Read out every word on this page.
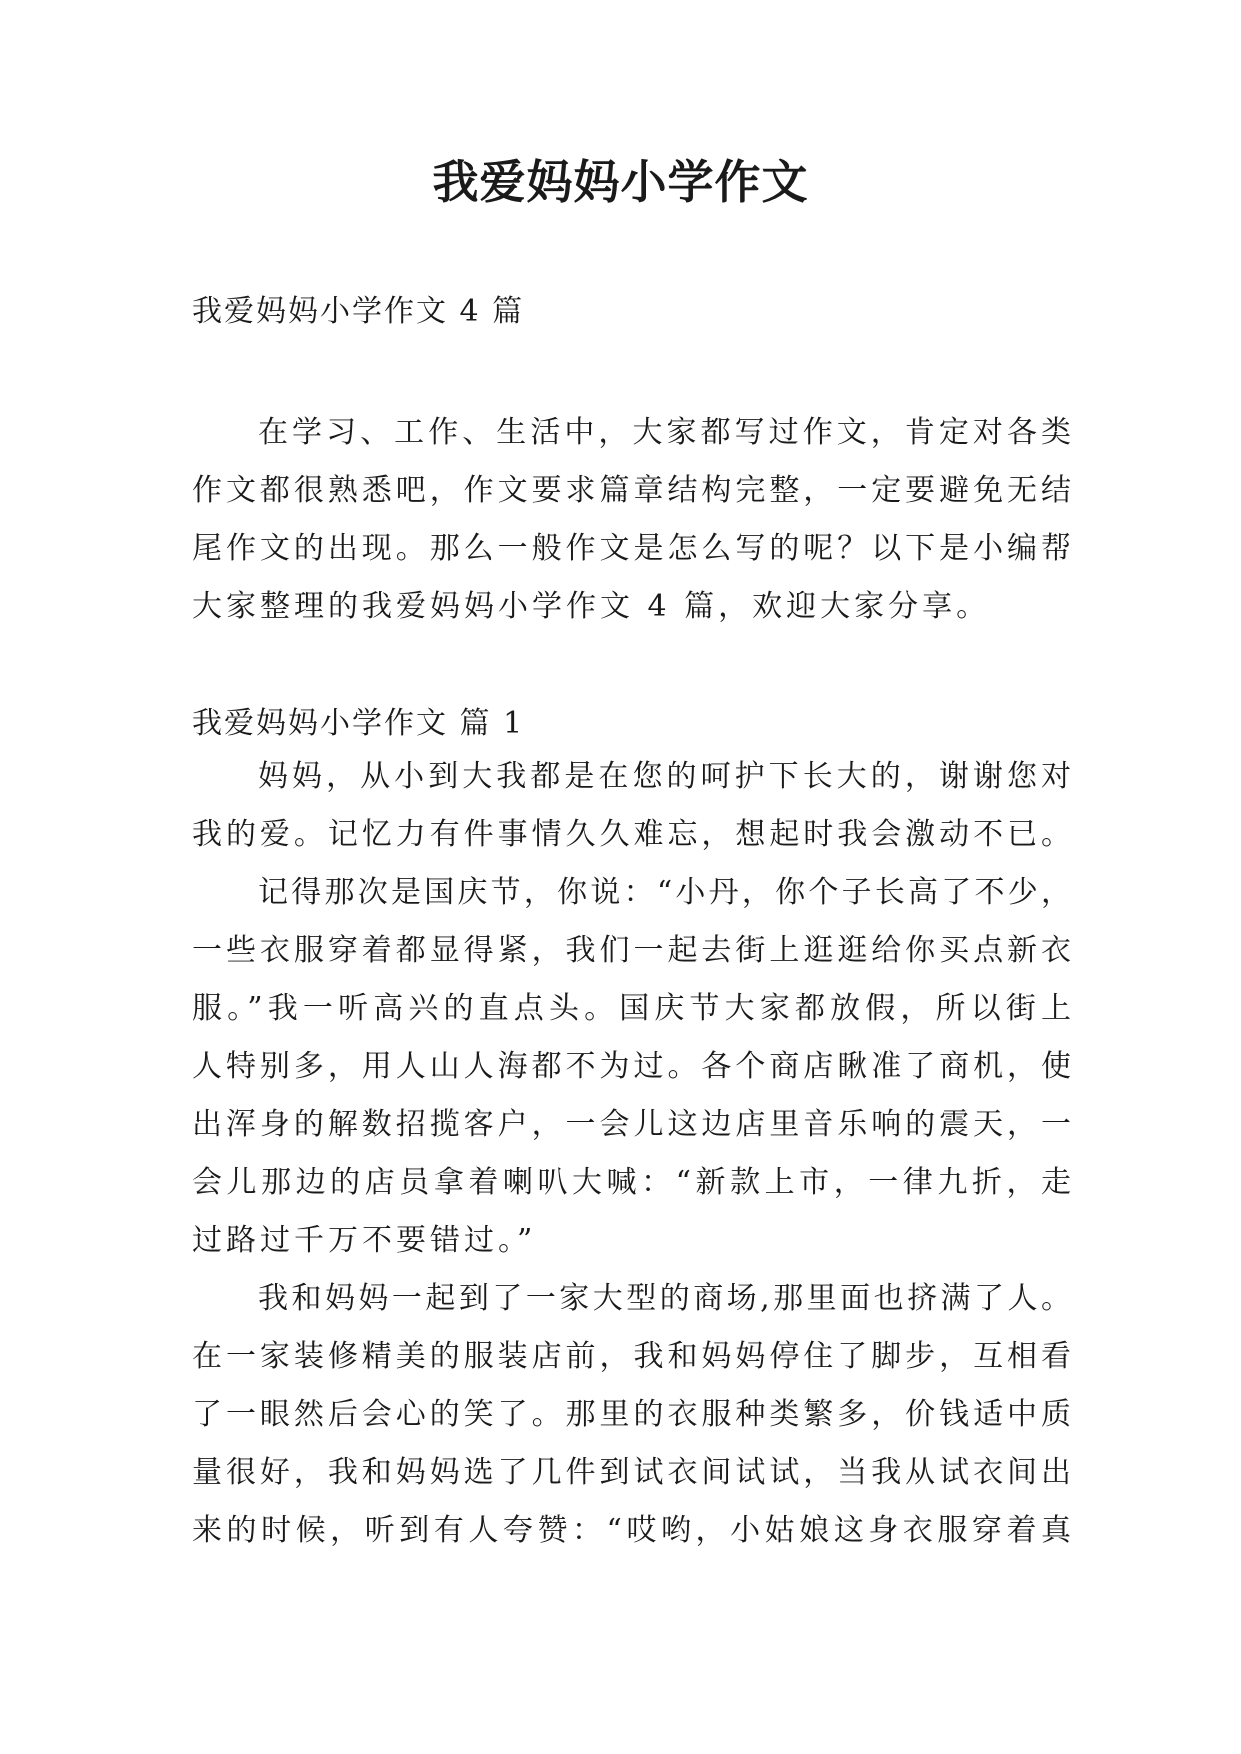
我爱妈妈小学作文

我爱妈妈小学作文 4 篇

在学习、工作、生活中，大家都写过作文，肯定对各类
作文都很熟悉吧，作文要求篇章结构完整，一定要避免无结
尾作文的出现。那么一般作文是怎么写的呢？以下是小编帮
大家整理的我爱妈妈小学作文 4 篇，欢迎大家分享。

我爱妈妈小学作文 篇 1

妈妈，从小到大我都是在您的呵护下长大的，谢谢您对
我的爱。记忆力有件事情久久难忘，想起时我会激动不已。
记得那次是国庆节，你说：“小丹，你个子长高了不少，
一些衣服穿着都显得紧，我们一起去街上逛逛给你买点新衣
服。”我一听高兴的直点头。国庆节大家都放假，所以街上
人特别多，用人山人海都不为过。各个商店瞅准了商机，使
出浑身的解数招揽客户，一会儿这边店里音乐响的震天，一
会儿那边的店员拿着喇叭大喊：“新款上市，一律九折，走
过路过千万不要错过。”
我和妈妈一起到了一家大型的商场,那里面也挤满了人。
在一家装修精美的服装店前，我和妈妈停住了脚步，互相看
了一眼然后会心的笑了。那里的衣服种类繁多，价钱适中质
量很好，我和妈妈选了几件到试衣间试试，当我从试衣间出
来的时候，听到有人夸赞：“哎哟，小姑娘这身衣服穿着真
